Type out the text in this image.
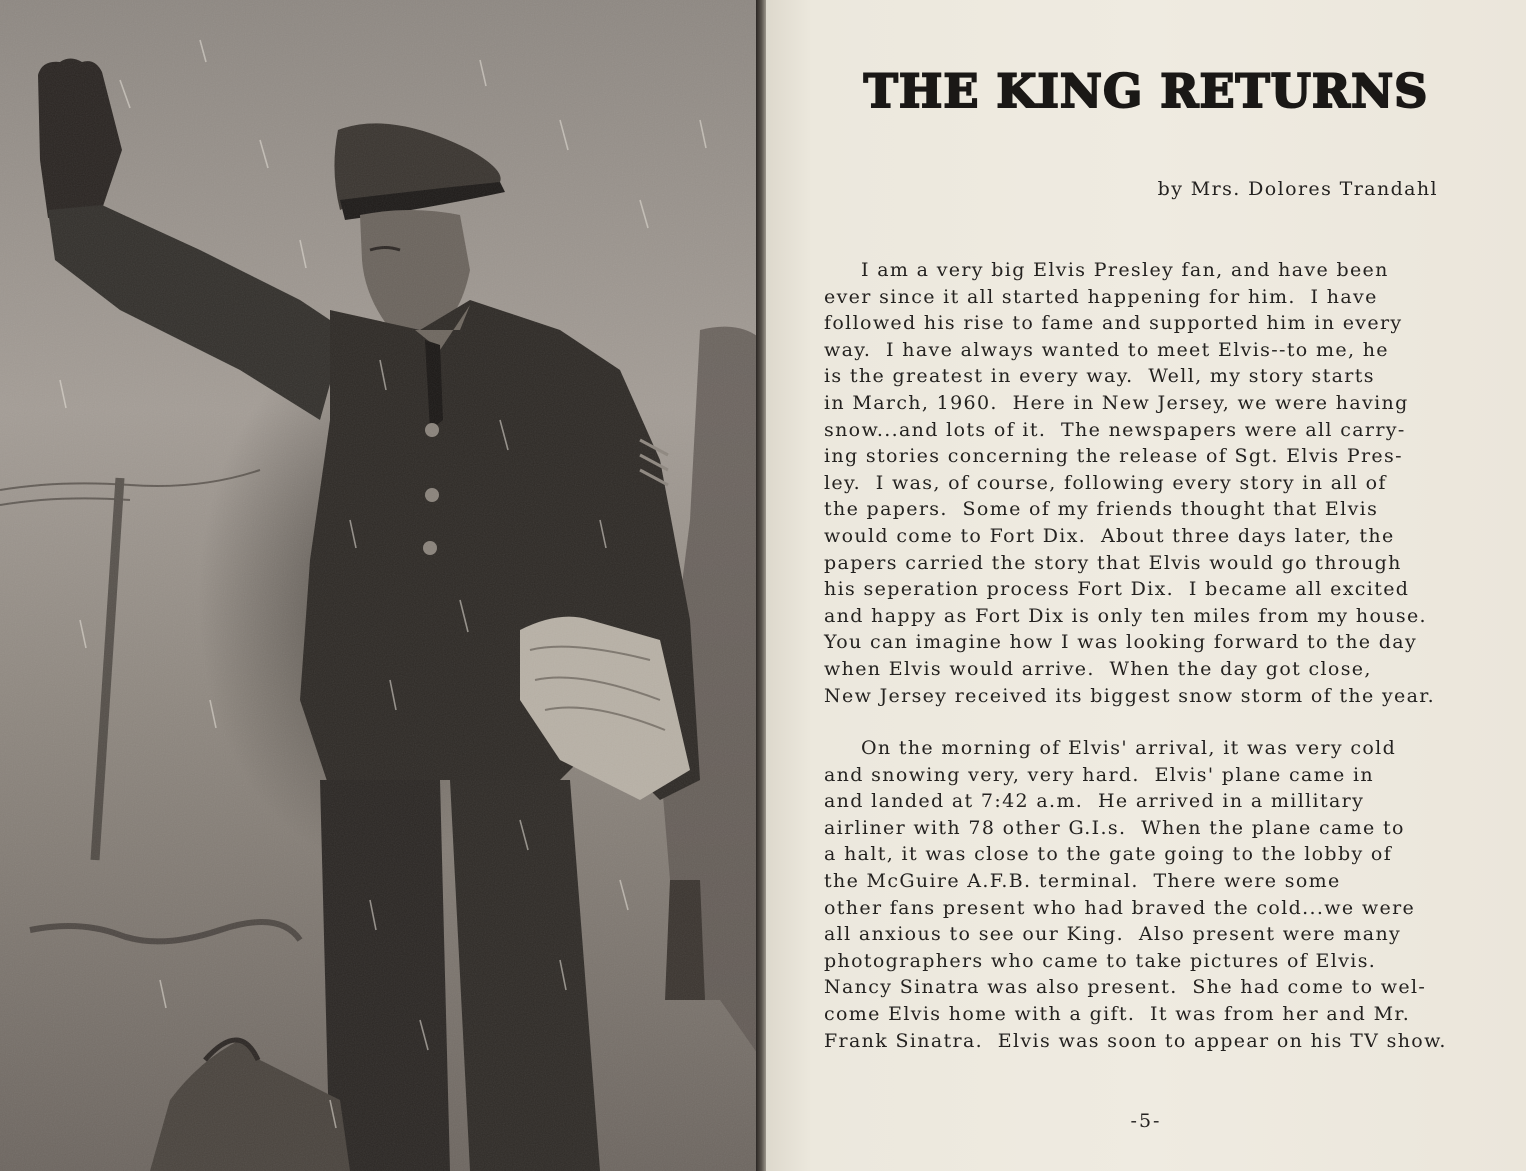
THE KING RETURNS

by Mrs. Dolores Trandahl

I am a very big Elvis Presley fan, and have been
ever since it all started happening for him.  I have
followed his rise to fame and supported him in every
way.  I have always wanted to meet Elvis--to me, he
is the greatest in every way.  Well, my story starts
in March, 1960.  Here in New Jersey, we were having
snow...and lots of it.  The newspapers were all carry-
ing stories concerning the release of Sgt. Elvis Pres-
ley.  I was, of course, following every story in all of
the papers.  Some of my friends thought that Elvis
would come to Fort Dix.  About three days later, the
papers carried the story that Elvis would go through
his seperation process Fort Dix.  I became all excited
and happy as Fort Dix is only ten miles from my house.
You can imagine how I was looking forward to the day
when Elvis would arrive.  When the day got close,
New Jersey received its biggest snow storm of the year.
On the morning of Elvis' arrival, it was very cold
and snowing very, very hard.  Elvis' plane came in
and landed at 7:42 a.m.  He arrived in a millitary
airliner with 78 other G.I.s.  When the plane came to
a halt, it was close to the gate going to the lobby of
the McGuire A.F.B. terminal.  There were some
other fans present who had braved the cold...we were
all anxious to see our King.  Also present were many
photographers who came to take pictures of Elvis.
Nancy Sinatra was also present.  She had come to wel-
come Elvis home with a gift.  It was from her and Mr.
Frank Sinatra.  Elvis was soon to appear on his TV show.

-5-
